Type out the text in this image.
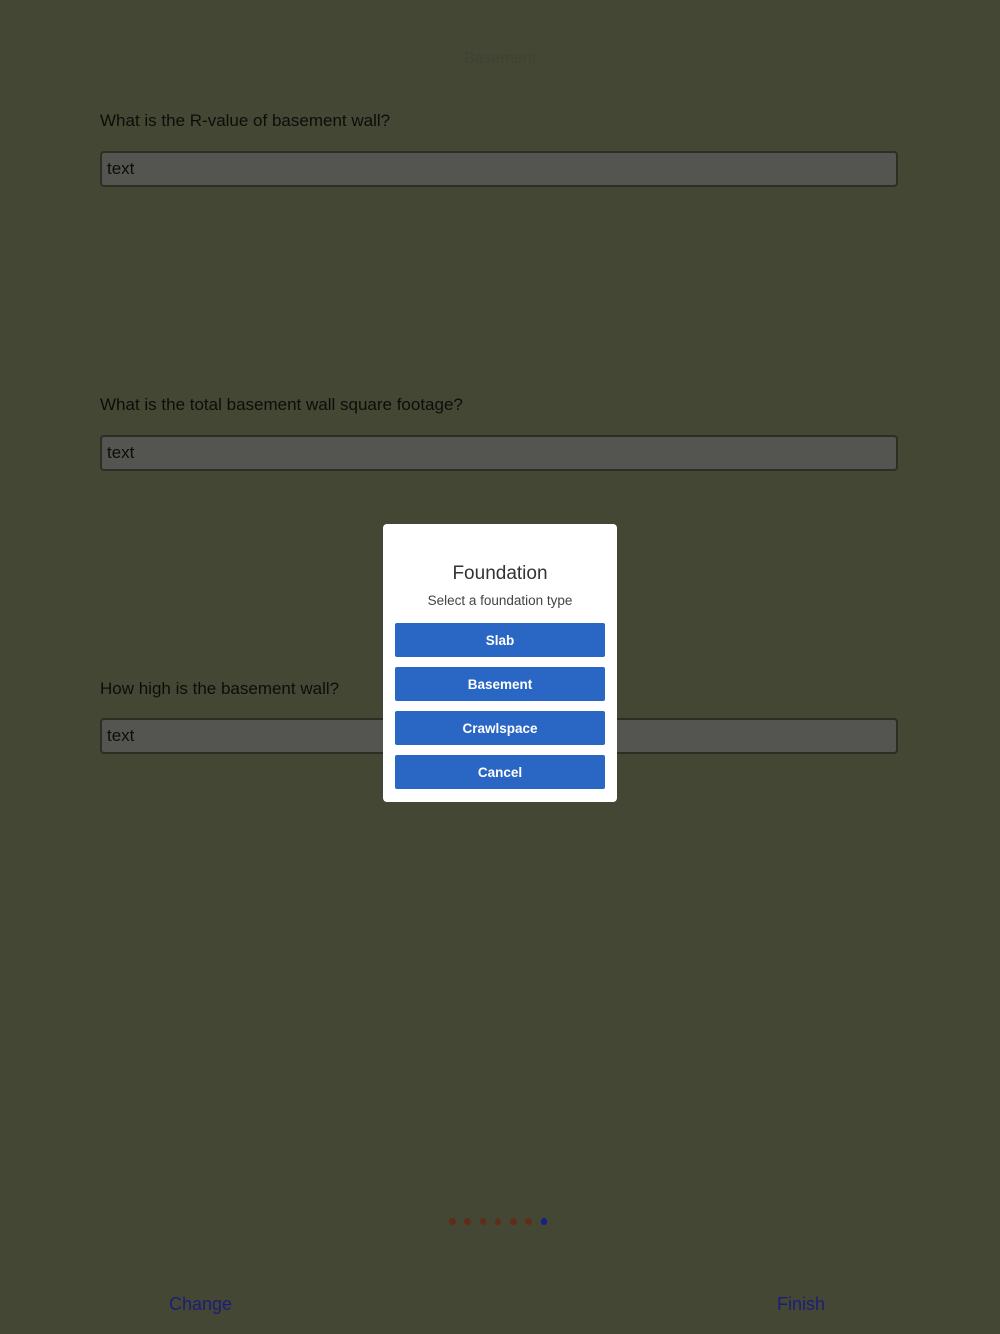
Basement
What is the R-value of basement wall?
text
What is the total basement wall square footage?
text
How high is the basement wall?
text
Change	Finish
Foundation
Select a foundation type
Slab
Basement
Crawlspace
Cancel
